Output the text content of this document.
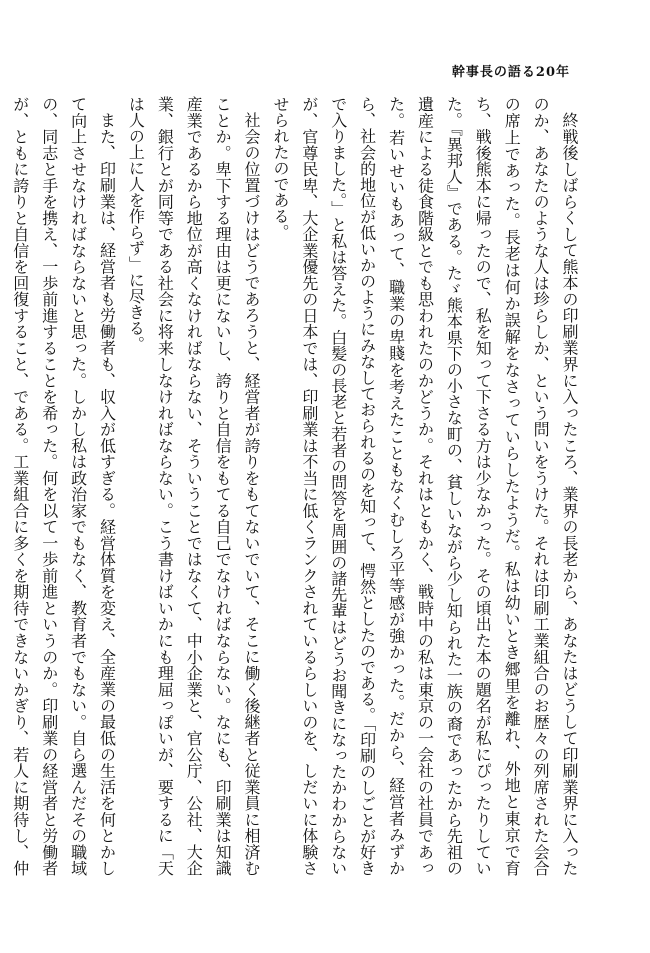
幹事長の語る20年

終戦後しばらくして熊本の印刷業界に入ったころ、業界の長老から、あなたはどうして印刷業界に入ったのか、あなたのような人は珍らしか、という問いをうけた。それは印刷工業組合のお歴々の列席された会合の席上であった。長老は何か誤解をなさっていらしたようだ。私は幼いとき郷里を離れ、外地と東京で育ち、戦後熊本に帰ったので、私を知って下さる方は少なかった。その頃出た本の題名が私にぴったりしていた。『異邦人』である。たゞ熊本県下の小さな町の、貧しいながら少し知られた一族の裔であったから先祖の遺産による徒食階級とでも思われたのかどうか。それはともかく、戦時中の私は東京の一会社の社員であった。若いせいもあって、職業の卑賤を考えたこともなくむしろ平等感が強かった。だから、経営者みずから、社会的地位が低いかのようにみなしておられるのを知って、愕然としたのである。「印刷のしごとが好きで入りました。」と私は答えた。白髪の長老と若者の問答を周囲の諸先輩はどうお聞きになったかわからないが、官尊民卑、大企業優先の日本では、印刷業は不当に低くランクされているらしいのを、しだいに体験させられたのである。

社会の位置づけはどうであろうと、経営者が誇りをもてないでいて、そこに働く後継者と従業員に相済むことか。卑下する理由は更にないし、誇りと自信をもてる自己でなければならない。なにも、印刷業は知識産業であるから地位が高くなければならない、そういうことではなくて、中小企業と、官公庁、公社、大企業、銀行とが同等である社会に将来しなければならない。こう書けばいかにも理屈っぽいが、要するに「天は人の上に人を作らず」に尽きる。

また、印刷業は、経営者も労働者も、収入が低すぎる。経営体質を変え、全産業の最低の生活を何とかして向上させなければならないと思った。しかし私は政治家でもなく、教育者でもない。自ら選んだその職域の、同志と手を携え、一歩前進することを希った。何を以て一歩前進というのか。印刷業の経営者と労働者が、ともに誇りと自信を回復すること、である。工業組合に多くを期待できないかぎり、若人に期待し、仲
